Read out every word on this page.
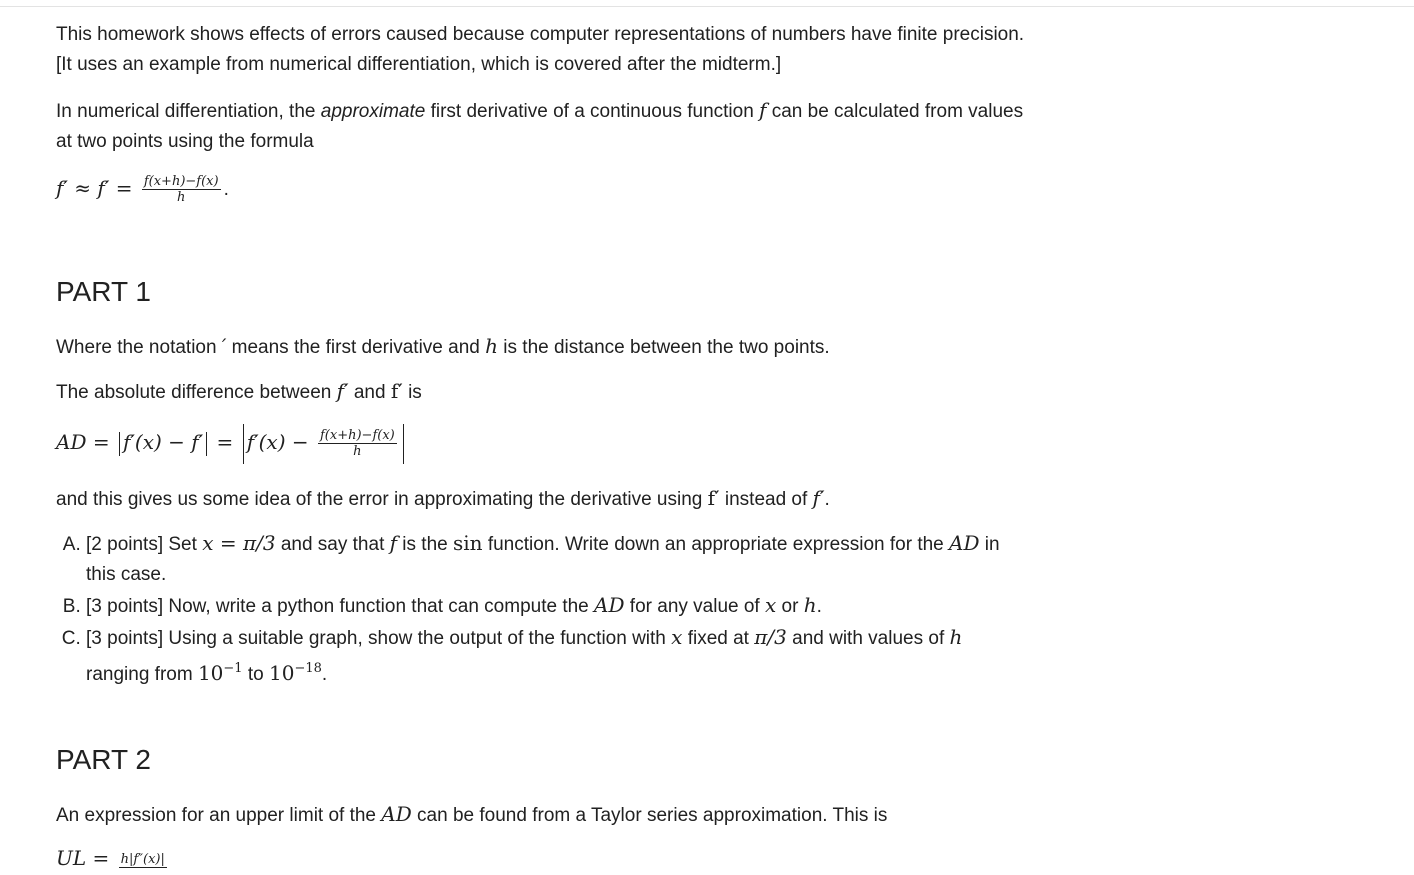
This homework shows effects of errors caused because computer representations of numbers have finite precision. [It uses an example from numerical differentiation, which is covered after the midterm.]

In numerical differentiation, the approximate first derivative of a continuous function f can be calculated from values at two points using the formula

$f' \approx f' = \frac{f(x+h)-f(x)}{h}$ .

PART 1

Where the notation ′ means the first derivative and h is the distance between the two points.

The absolute difference between f′ and f′ is

AD = $f'(x) - f' = f'(x) - \frac{f(x+h)-f(x)}{h}$

and this gives us some idea of the error in approximating the derivative using f′ instead of f′.

A. [2 points] Set x = π/3 and say that f is the sin function. Write down an appropriate expression for the AD in this case.
B. [3 points] Now, write a python function that can compute the AD for any value of x or h.
C. [3 points] Using a suitable graph, show the output of the function with x fixed at π/3 and with values of h ranging from $10^{-1}$ to $10^{-18}$.
PART 2

An expression for an upper limit of the AD can be found from a Taylor series approximation. This is

UL = h|f″(x)|
